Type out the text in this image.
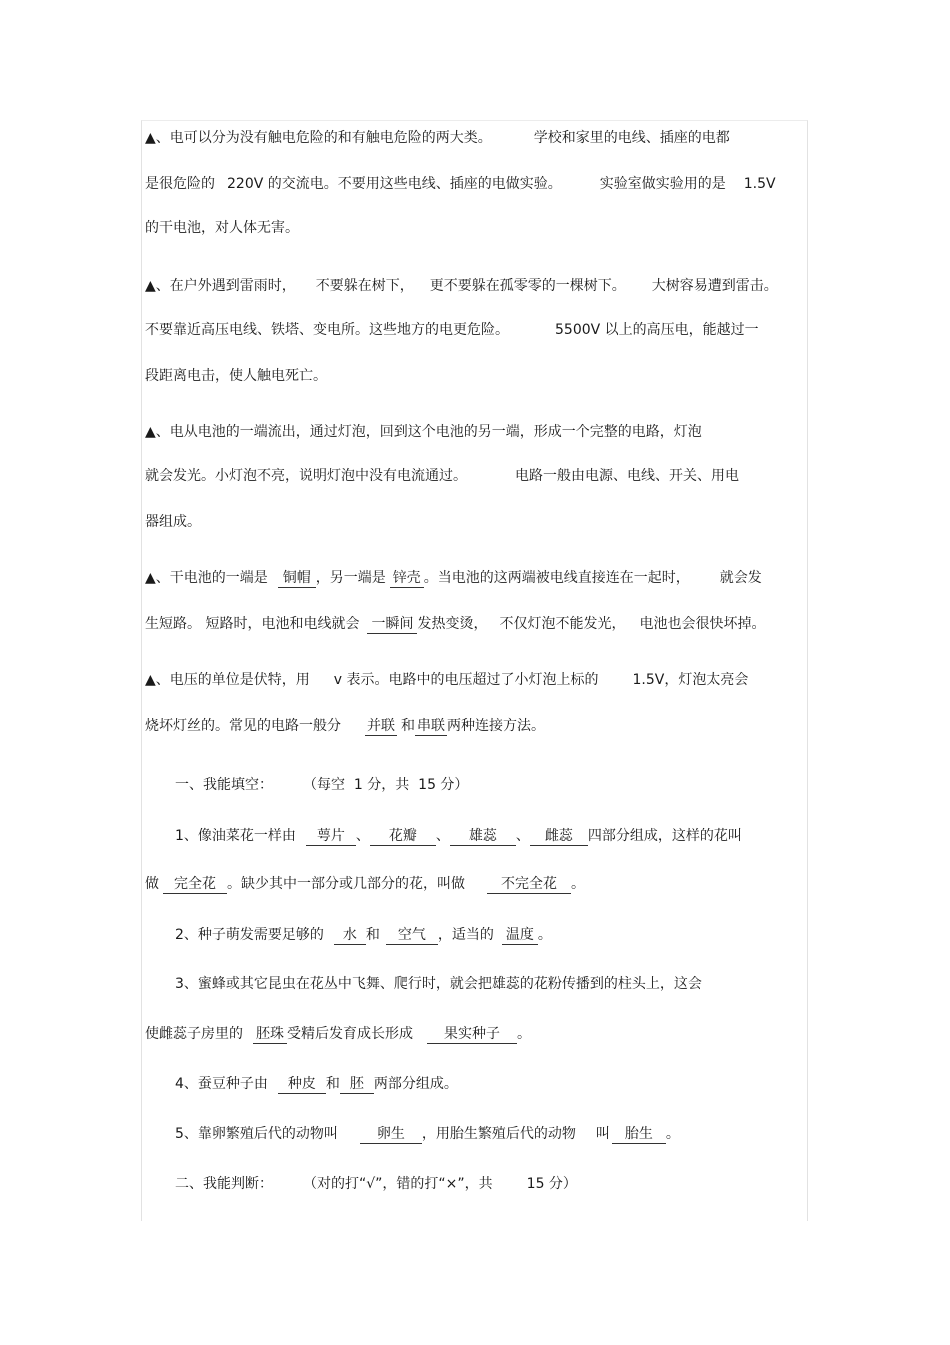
▲、电可以分为没有触电危险的和有触电危险的两大类。	学校和家里的电线、插座的电都
是很危险的 220V 的交流电。不要用这些电线、插座的电做实验。	实验室做实验用的是 1.5V
的干电池，对人体无害。
▲、在户外遇到雷雨时， 不要躲在树下， 更不要躲在孤零零的一棵树下。 大树容易遭到雷击。
不要靠近高压电线、铁塔、变电所。这些地方的电更危险。	5500V 以上的高压电，能越过一
段距离电击，使人触电死亡。
▲、电从电池的一端流出，通过灯泡，回到这个电池的另一端，形成一个完整的电路，灯泡
就会发光。小灯泡不亮，说明灯泡中没有电流通过。	电路一般由电源、电线、开关、用电
器组成。
▲、干电池的一端是 铜帽 ，另一端是 锌壳 。当电池的这两端被电线直接连在一起时， 就会发
生短路。 短路时，电池和电线就会 一瞬间 发热变烫， 不仅灯泡不能发光， 电池也会很快坏掉。
▲、电压的单位是伏特，用 v 表示。电路中的电压超过了小灯泡上标的 1.5V，灯泡太亮会
烧坏灯丝的。常见的电路一般分 并联 和 串联 两种连接方法。
一、我能填空： （每空  1 分，共  15 分）
1、像油菜花一样由 萼片 、 花瓣 、 雄蕊 、 雌蕊 四部分组成，这样的花叫
做 完全花 。缺少其中一部分或几部分的花，叫做	不完全花 。
2、种子萌发需要足够的 水 和 空气 ，适当的 温度 。
3、蜜蜂或其它昆虫在花丛中飞舞、爬行时，就会把雄蕊的花粉传播到的柱头上，这会
使雌蕊子房里的 胚珠 受精后发育成长形成 果实种子 。
4、蚕豆种子由 种皮 和 胚 两部分组成。
5、靠卵繁殖后代的动物叫	卵生 ，用胎生繁殖后代的动物 叫 胎生 。
二、我能判断： （对的打“√”，错的打“×”，共 15 分）
